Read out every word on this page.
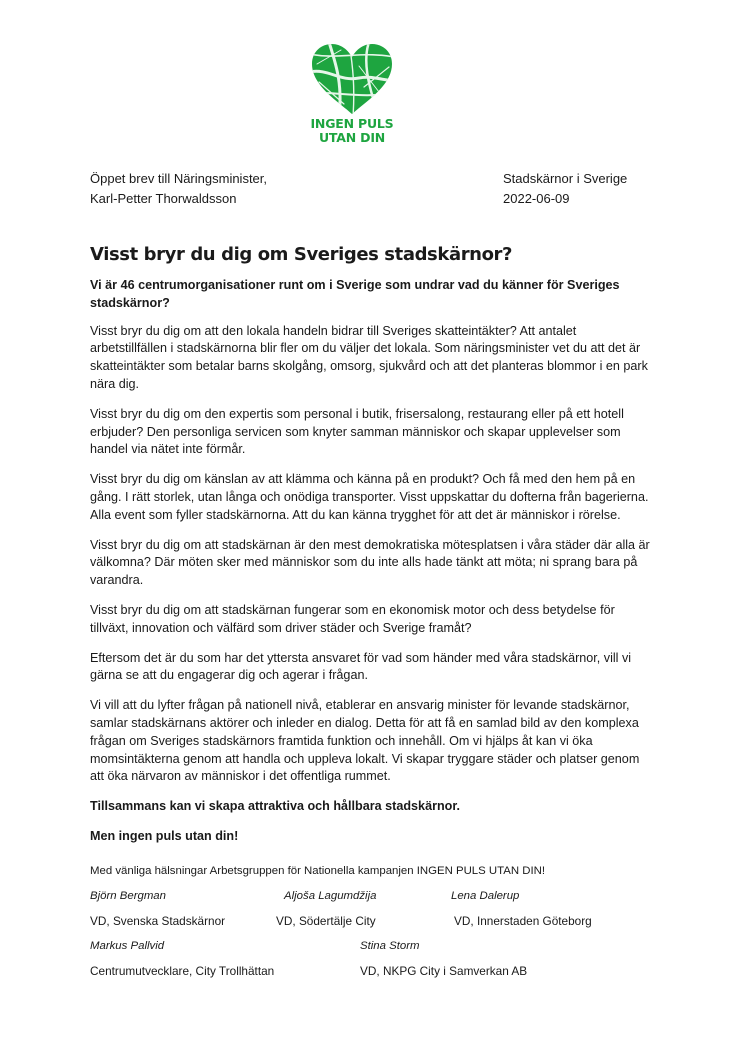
INGEN PULS
UTAN DIN
Öppet brev till Näringsminister,
Karl-Petter Thorwaldsson
Stadskärnor i Sverige
2022-06-09
Visst bryr du dig om Sveriges stadskärnor?

Vi är 46 centrumorganisationer runt om i Sverige som undrar vad du känner för Sveriges stadskärnor?

Visst bryr du dig om att den lokala handeln bidrar till Sveriges skatteintäkter? Att antalet arbetstillfällen i stadskärnorna blir fler om du väljer det lokala. Som näringsminister vet du att det är skatteintäkter som betalar barns skolgång, omsorg, sjukvård och att det planteras blommor i en park nära dig.

Visst bryr du dig om den expertis som personal i butik, frisersalong, restaurang eller på ett hotell erbjuder? Den personliga servicen som knyter samman människor och skapar upplevelser som handel via nätet inte förmår.

Visst bryr du dig om känslan av att klämma och känna på en produkt? Och få med den hem på en gång. I rätt storlek, utan långa och onödiga transporter. Visst uppskattar du dofterna från bagerierna. Alla event som fyller stadskärnorna. Att du kan känna trygghet för att det är människor i rörelse.

Visst bryr du dig om att stadskärnan är den mest demokratiska mötesplatsen i våra städer där alla är välkomna? Där möten sker med människor som du inte alls hade tänkt att möta; ni sprang bara på varandra.

Visst bryr du dig om att stadskärnan fungerar som en ekonomisk motor och dess betydelse för tillväxt, innovation och välfärd som driver städer och Sverige framåt?

Eftersom det är du som har det yttersta ansvaret för vad som händer med våra stadskärnor, vill vi gärna se att du engagerar dig och agerar i frågan.

Vi vill att du lyfter frågan på nationell nivå, etablerar en ansvarig minister för levande stadskärnor, samlar stadskärnans aktörer och inleder en dialog. Detta för att få en samlad bild av den komplexa frågan om Sveriges stadskärnors framtida funktion och innehåll. Om vi hjälps åt kan vi öka momsintäkterna genom att handla och uppleva lokalt. Vi skapar tryggare städer och platser genom att öka närvaron av människor i det offentliga rummet.

Tillsammans kan vi skapa attraktiva och hållbara stadskärnor.

Men ingen puls utan din!

Med vänliga hälsningar Arbetsgruppen för Nationella kampanjen INGEN PULS UTAN DIN!
Björn Bergman	Aljoša Lagumdžija	Lena Dalerup
VD, Svenska Stadskärnor	VD, Södertälje City	VD, Innerstaden Göteborg
Markus Pallvid	Stina Storm
Centrumutvecklare, City Trollhättan	VD, NKPG City i Samverkan AB
